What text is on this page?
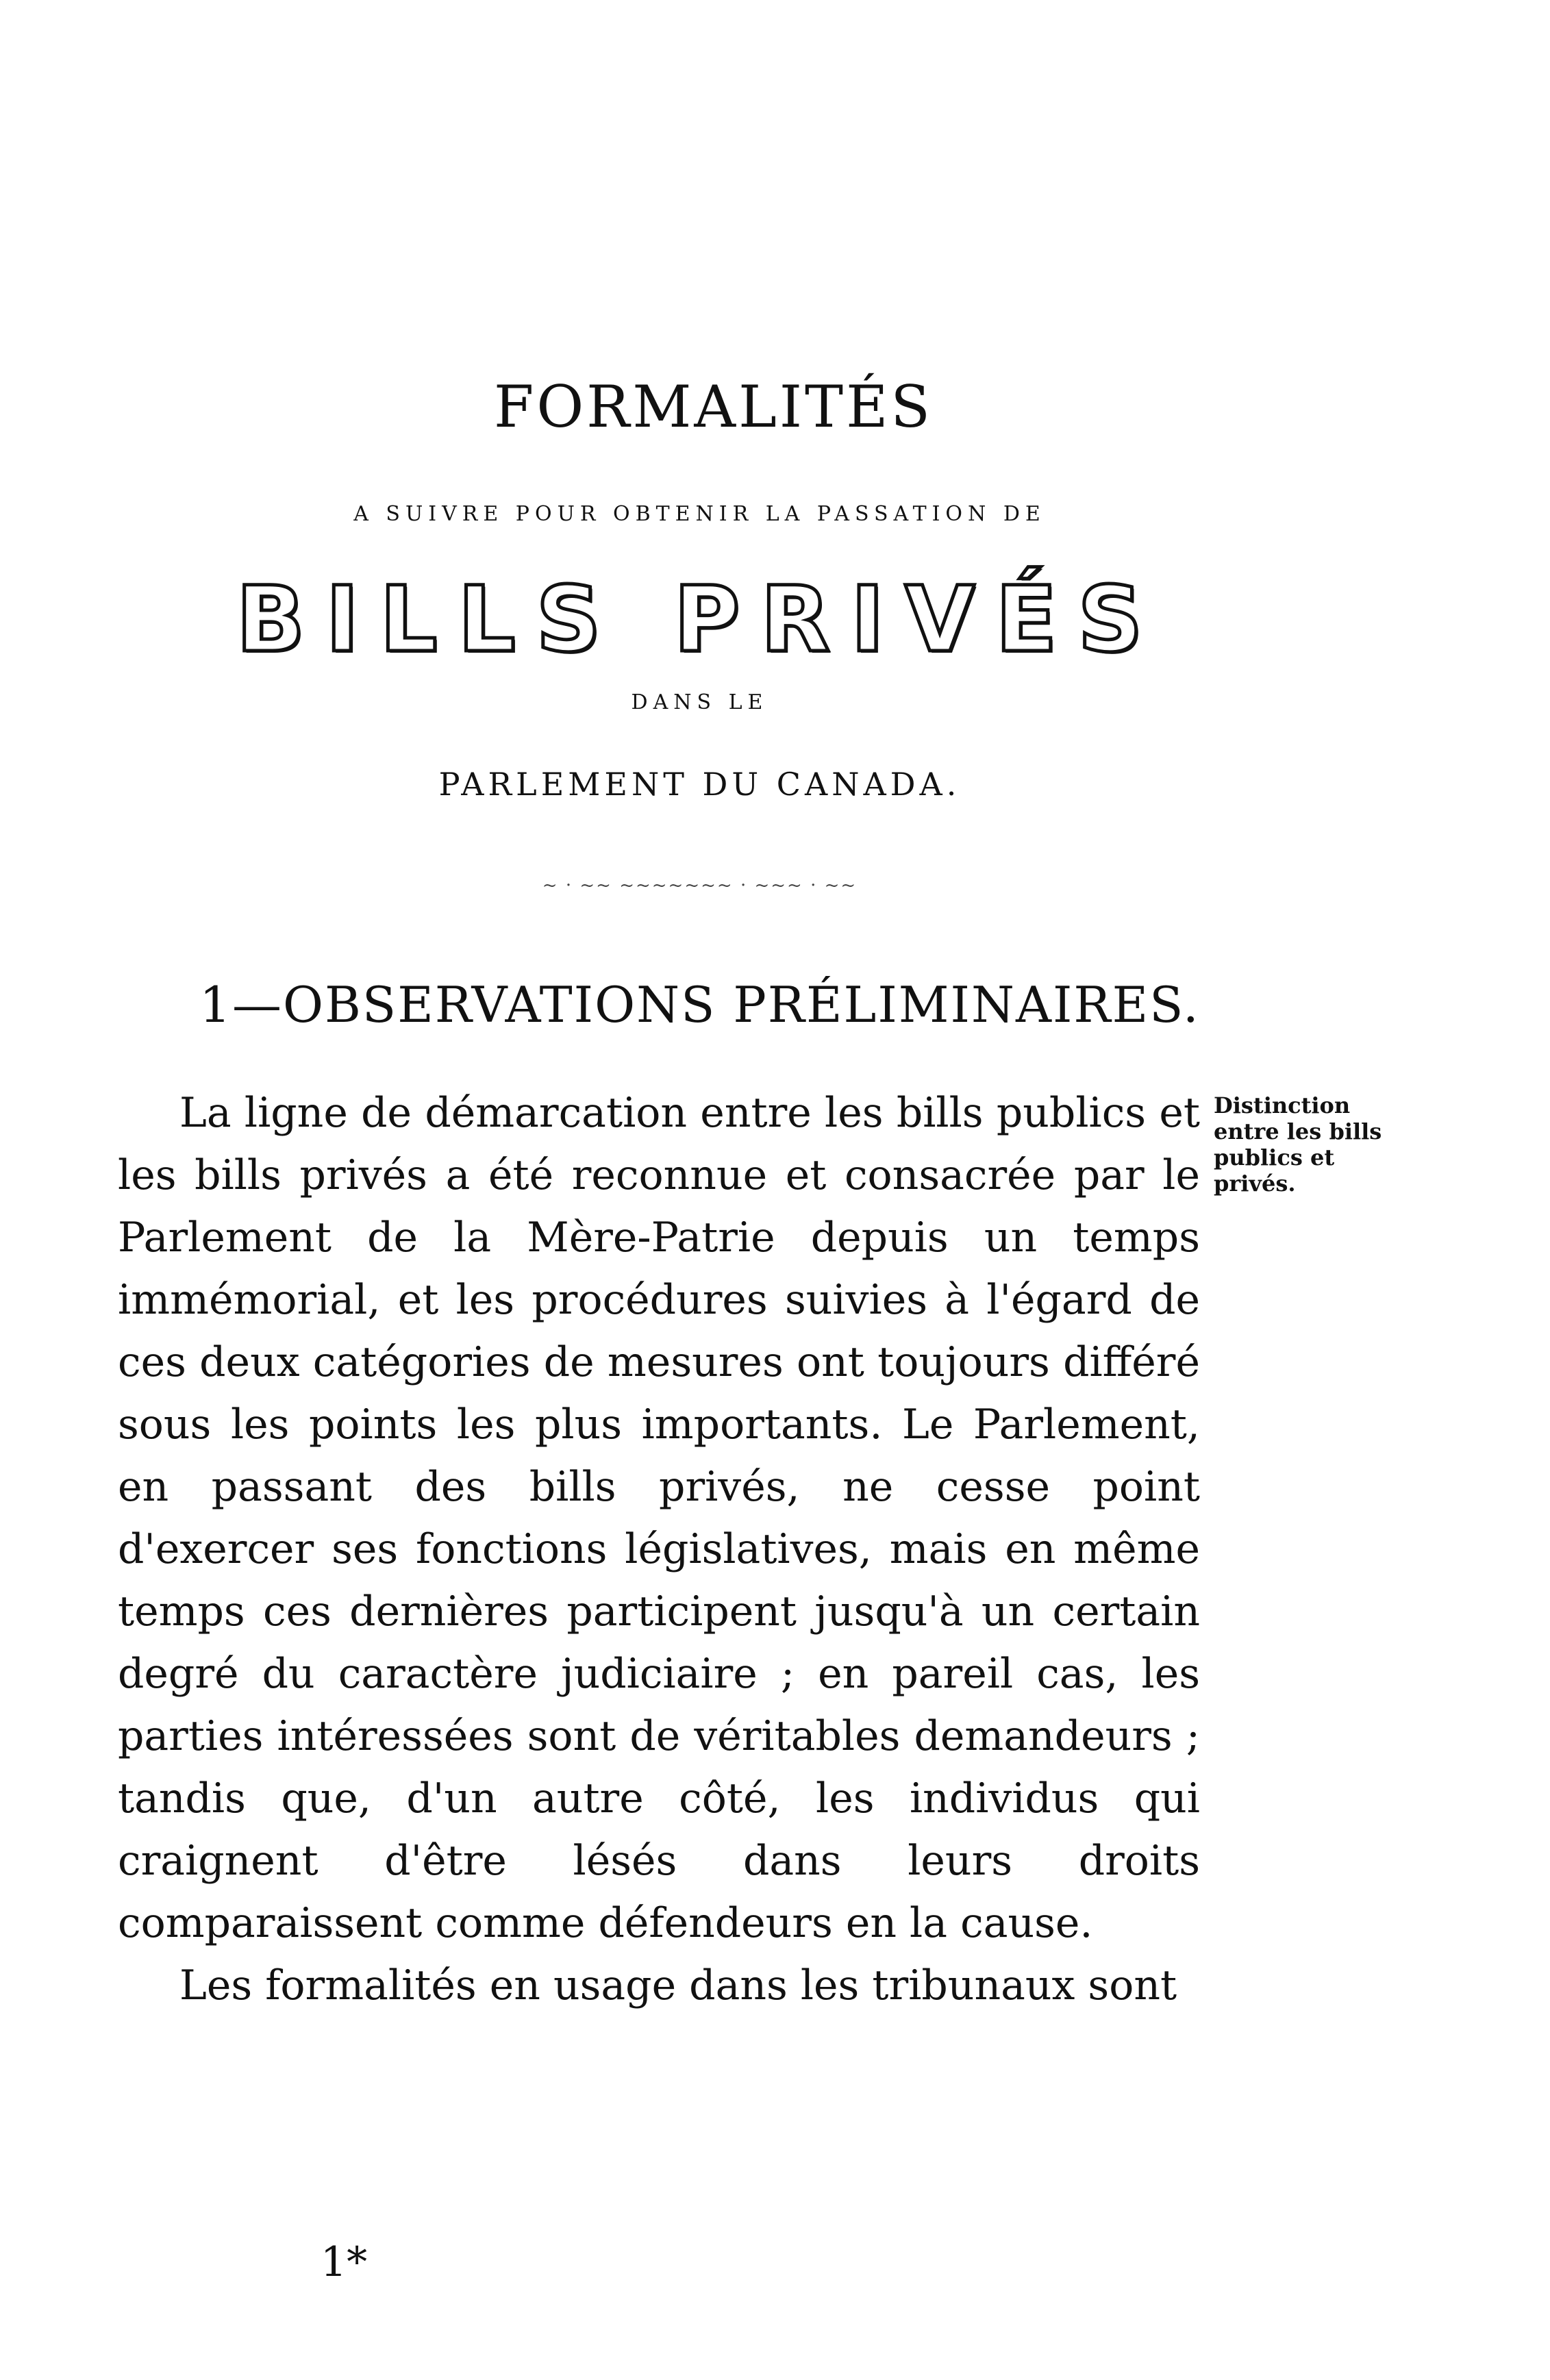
FORMALITÉS
A SUIVRE POUR OBTENIR LA PASSATION DE
BILLS PRIVÉS
DANS LE
PARLEMENT DU CANADA.
~ · ~~ ~~~~~~~ · ~~~ · ~~
1—OBSERVATIONS PRÉLIMINAIRES.

La ligne de démarcation entre les bills publics et les bills privés a été reconnue et consacrée par le Parlement de la Mère-Patrie depuis un temps immémorial, et les procédures suivies à l'égard de ces deux catégories de mesures ont toujours différé sous les points les plus importants. Le Parlement, en passant des bills privés, ne cesse point d'exercer ses fonctions législatives, mais en même temps ces dernières participent jusqu'à un certain degré du caractère judiciaire ; en pareil cas, les parties intéressées sont de véritables demandeurs ; tandis que, d'un autre côté, les individus qui craignent d'être lésés dans leurs droits comparaissent comme défendeurs en la cause.

Les formalités en usage dans les tribunaux sont

Distinction entre les bills publics et privés.
1*
